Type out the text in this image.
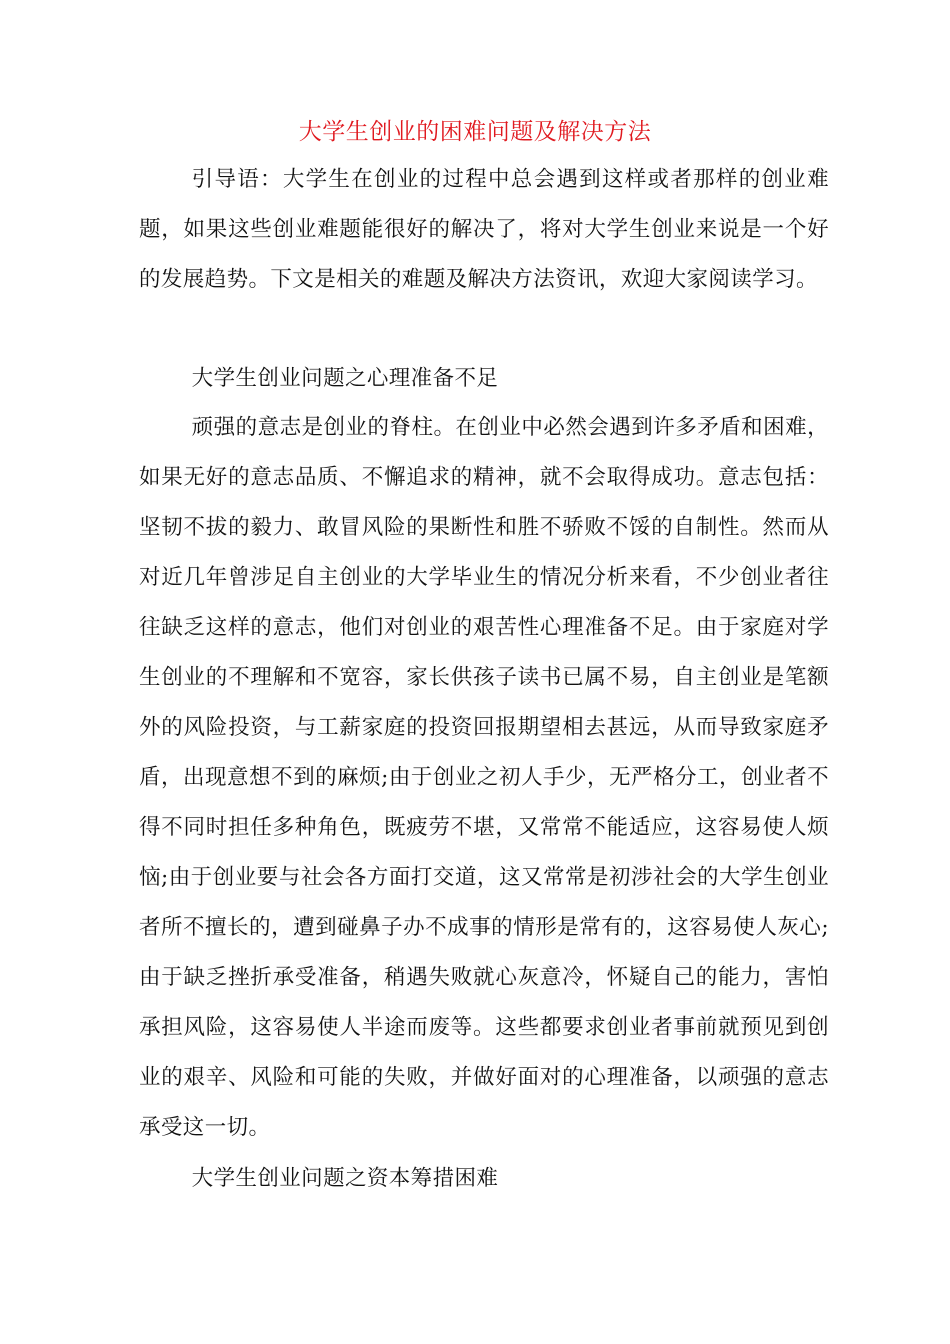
大学生创业的困难问题及解决方法

引导语：大学生在创业的过程中总会遇到这样或者那样的创业难题，如果这些创业难题能很好的解决了，将对大学生创业来说是一个好的发展趋势。下文是相关的难题及解决方法资讯，欢迎大家阅读学习。

大学生创业问题之心理准备不足

顽强的意志是创业的脊柱。在创业中必然会遇到许多矛盾和困难，如果无好的意志品质、不懈追求的精神，就不会取得成功。意志包括：坚韧不拔的毅力、敢冒风险的果断性和胜不骄败不馁的自制性。然而从对近几年曾涉足自主创业的大学毕业生的情况分析来看，不少创业者往往缺乏这样的意志，他们对创业的艰苦性心理准备不足。由于家庭对学生创业的不理解和不宽容，家长供孩子读书已属不易，自主创业是笔额外的风险投资，与工薪家庭的投资回报期望相去甚远，从而导致家庭矛盾，出现意想不到的麻烦;由于创业之初人手少，无严格分工，创业者不得不同时担任多种角色，既疲劳不堪，又常常不能适应，这容易使人烦恼;由于创业要与社会各方面打交道，这又常常是初涉社会的大学生创业者所不擅长的，遭到碰鼻子办不成事的情形是常有的，这容易使人灰心;由于缺乏挫折承受准备，稍遇失败就心灰意冷，怀疑自己的能力，害怕承担风险，这容易使人半途而废等。这些都要求创业者事前就预见到创业的艰辛、风险和可能的失败，并做好面对的心理准备，以顽强的意志承受这一切。

大学生创业问题之资本筹措困难
